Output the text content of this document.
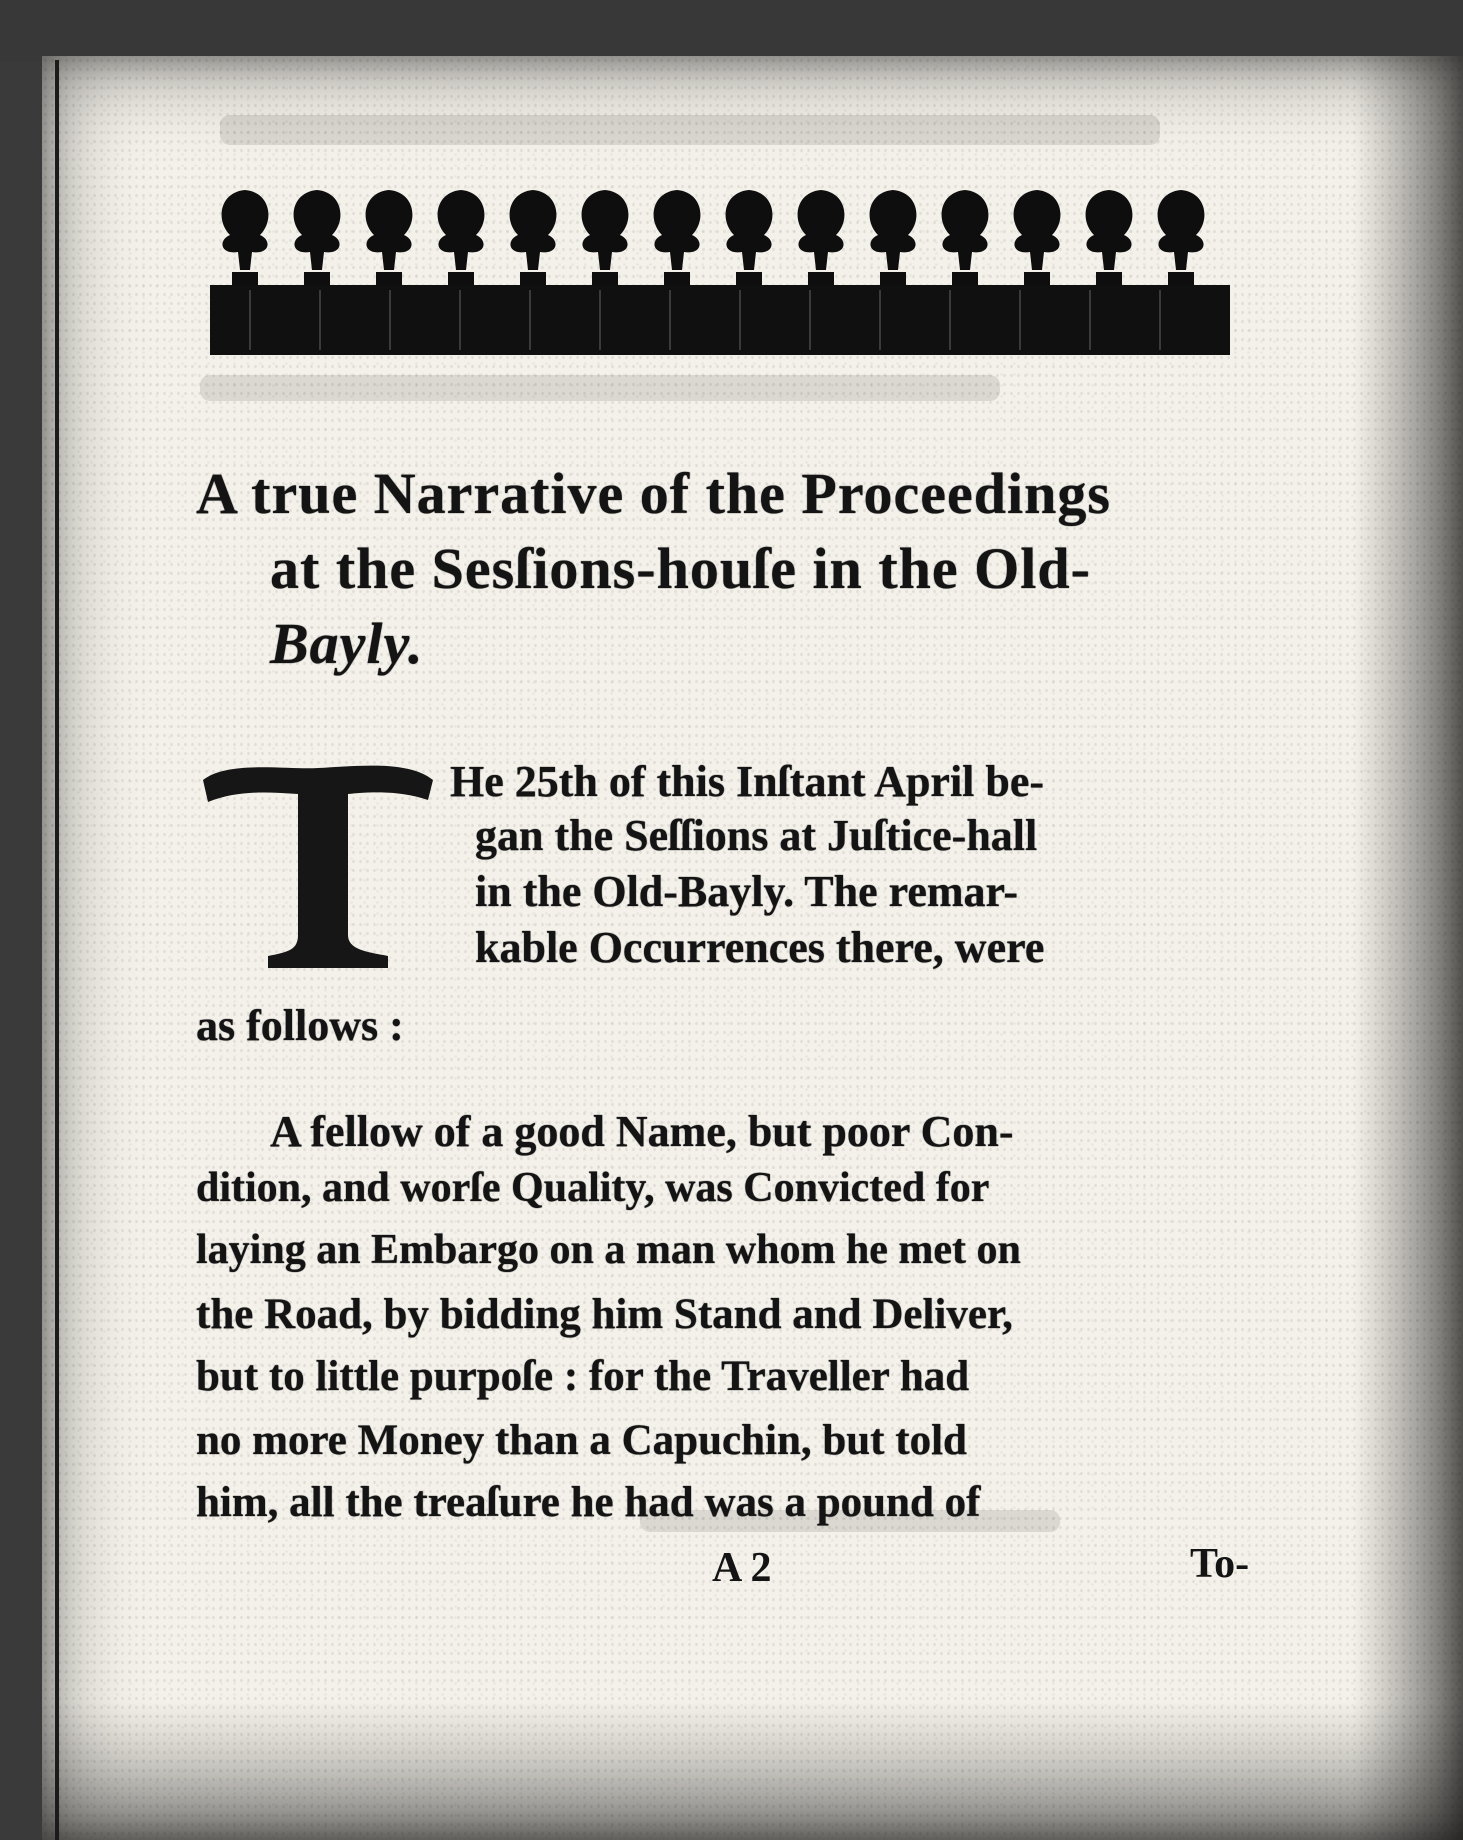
A true Narrative of the Proceedings
at the Sesſions-houſe in the Old-
Bayly.
He 25th of this Inſtant April be-
gan the Seſſions at Juſtice-hall
in the Old-Bayly. The remar-
kable Occurrences there, were
as follows :
A fellow of a good Name, but poor Con-
dition, and worſe Quality, was Convicted for
laying an Embargo on a man whom he met on
the Road, by bidding him Stand and Deliver,
but to little purpoſe : for the Traveller had
no more Money than a Capuchin, but told
him, all the treaſure he had was a pound of
A 2	To-
